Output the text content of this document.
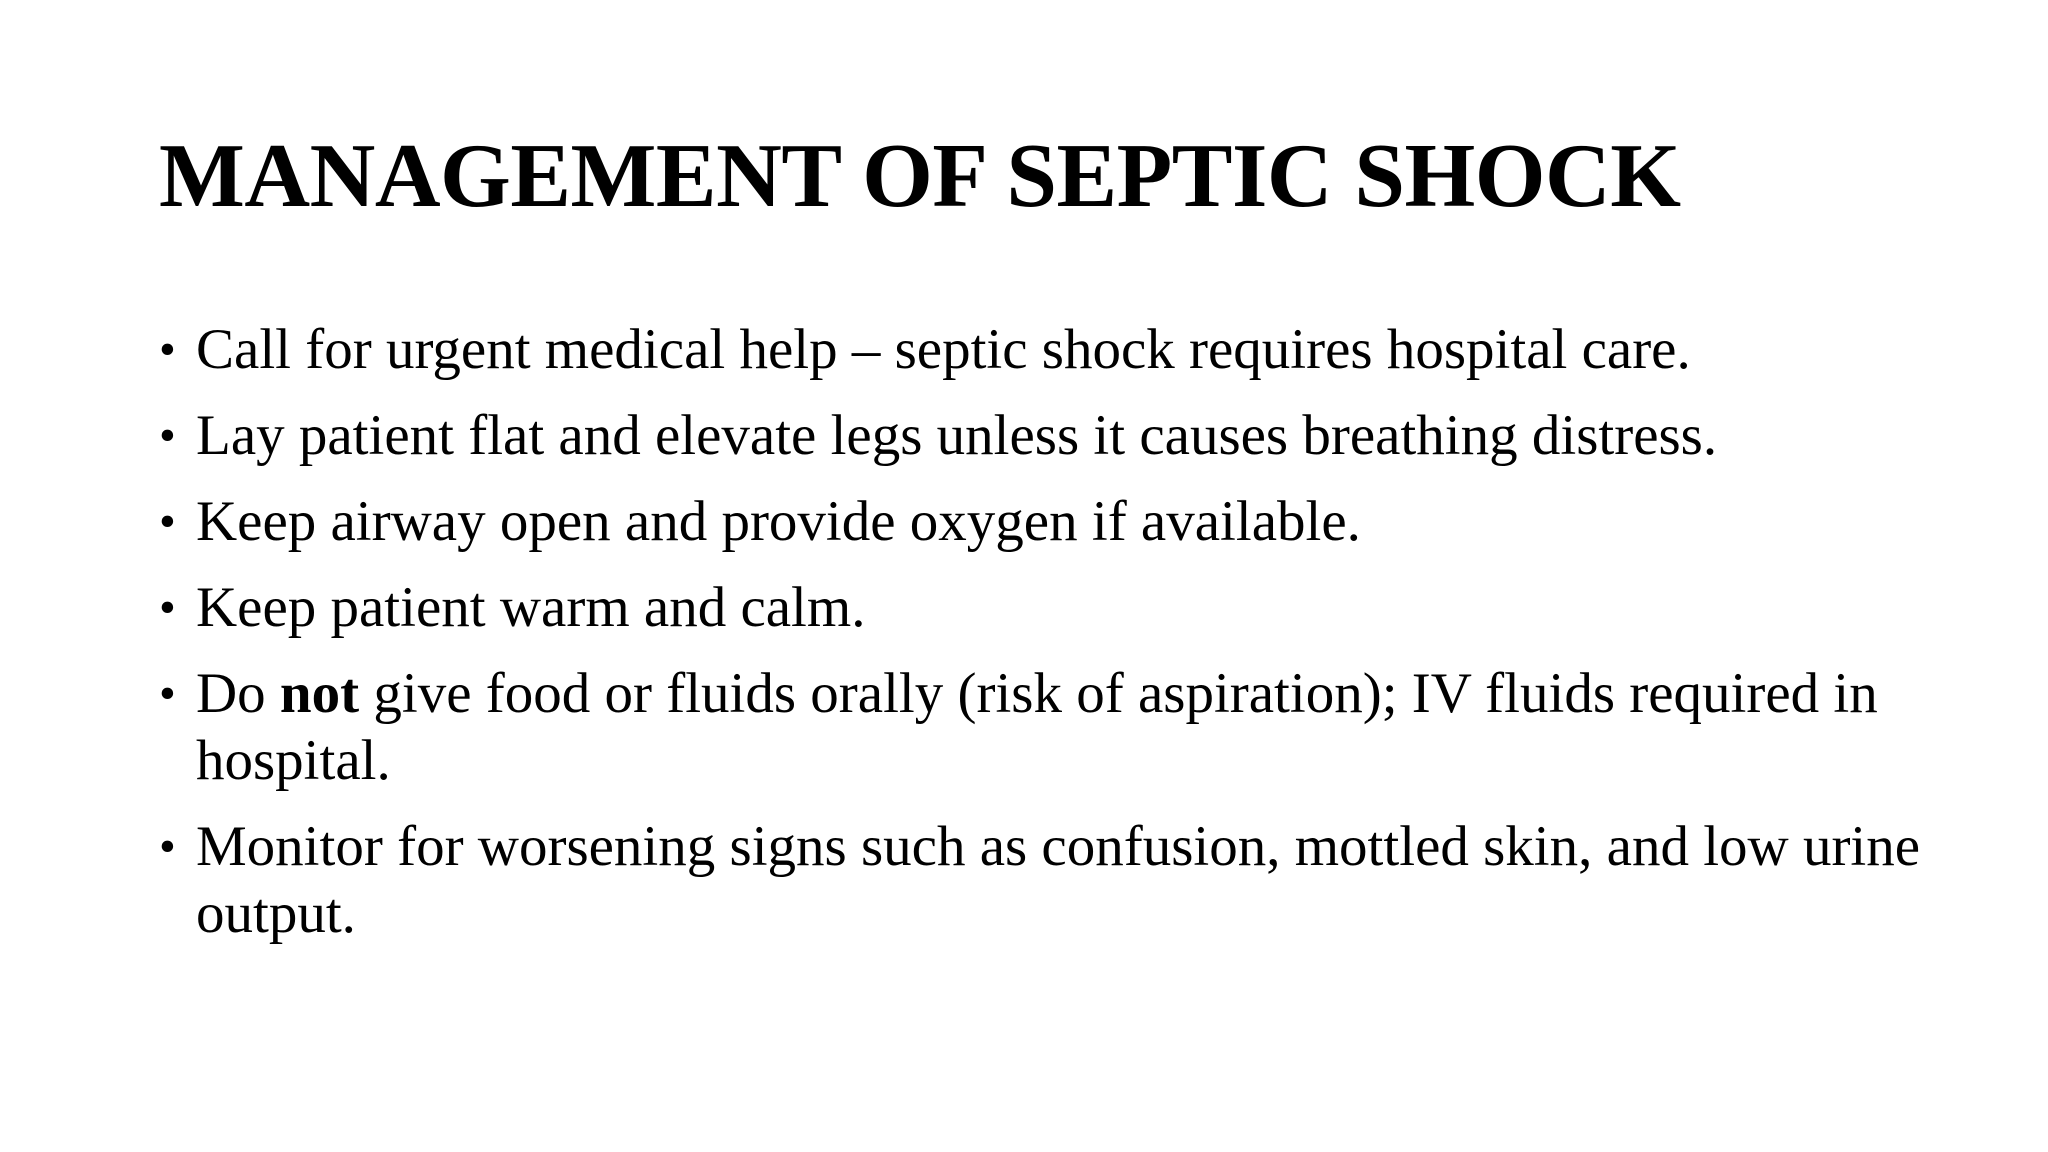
MANAGEMENT OF SEPTIC SHOCK
• Call for urgent medical help – septic shock requires hospital care.
• Lay patient flat and elevate legs unless it causes breathing distress.
• Keep airway open and provide oxygen if available.
• Keep patient warm and calm.
• Do not give food or fluids orally (risk of aspiration); IV fluids required in hospital.
• Monitor for worsening signs such as confusion, mottled skin, and low urine output.
